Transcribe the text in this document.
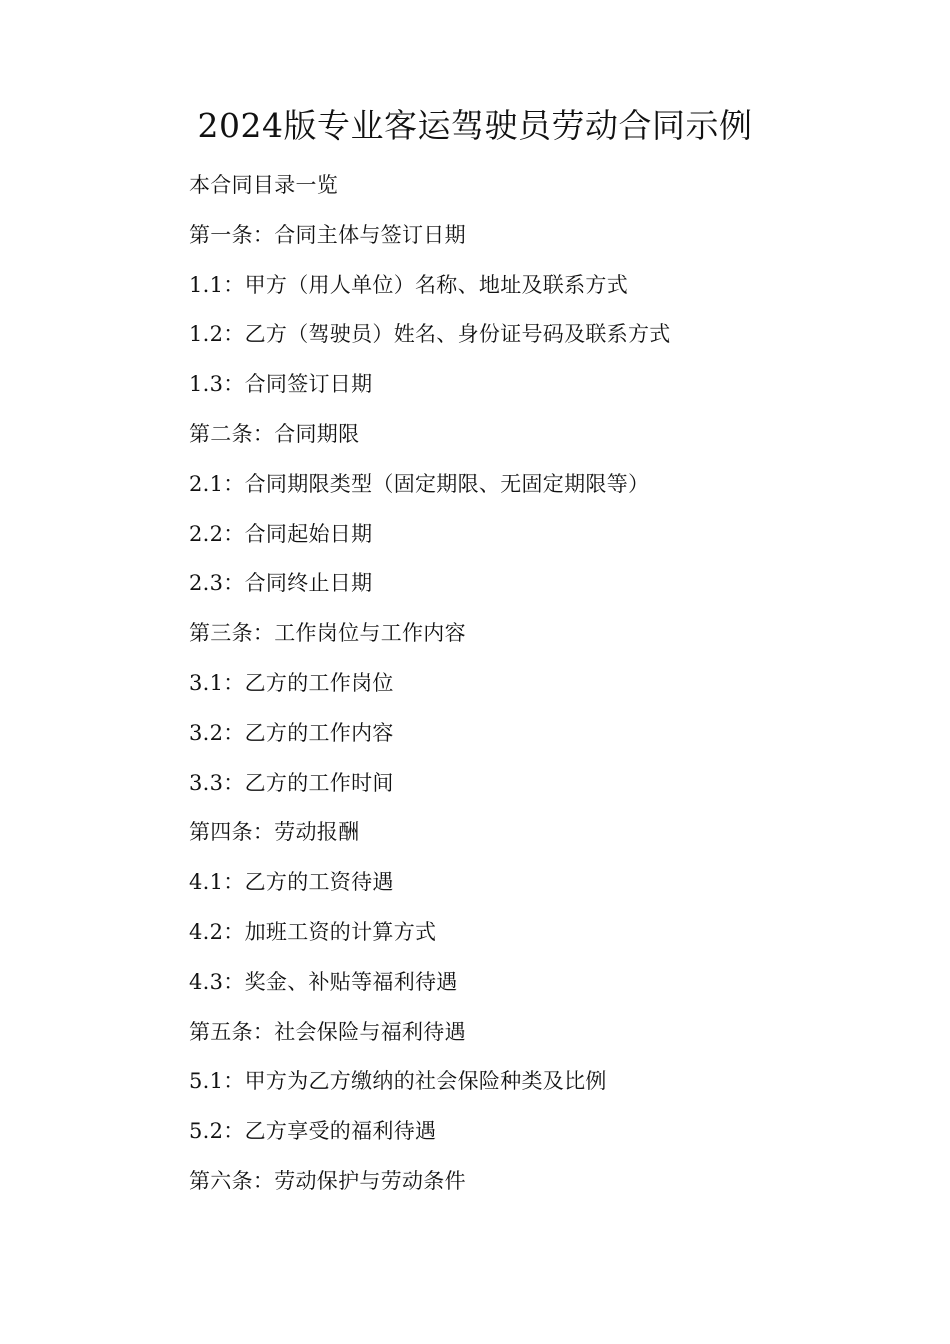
2024版专业客运驾驶员劳动合同示例
本合同目录一览
第一条：合同主体与签订日期
1.1：甲方（用人单位）名称、地址及联系方式
1.2：乙方（驾驶员）姓名、身份证号码及联系方式
1.3：合同签订日期
第二条：合同期限
2.1：合同期限类型（固定期限、无固定期限等）
2.2：合同起始日期
2.3：合同终止日期
第三条：工作岗位与工作内容
3.1：乙方的工作岗位
3.2：乙方的工作内容
3.3：乙方的工作时间
第四条：劳动报酬
4.1：乙方的工资待遇
4.2：加班工资的计算方式
4.3：奖金、补贴等福利待遇
第五条：社会保险与福利待遇
5.1：甲方为乙方缴纳的社会保险种类及比例
5.2：乙方享受的福利待遇
第六条：劳动保护与劳动条件
